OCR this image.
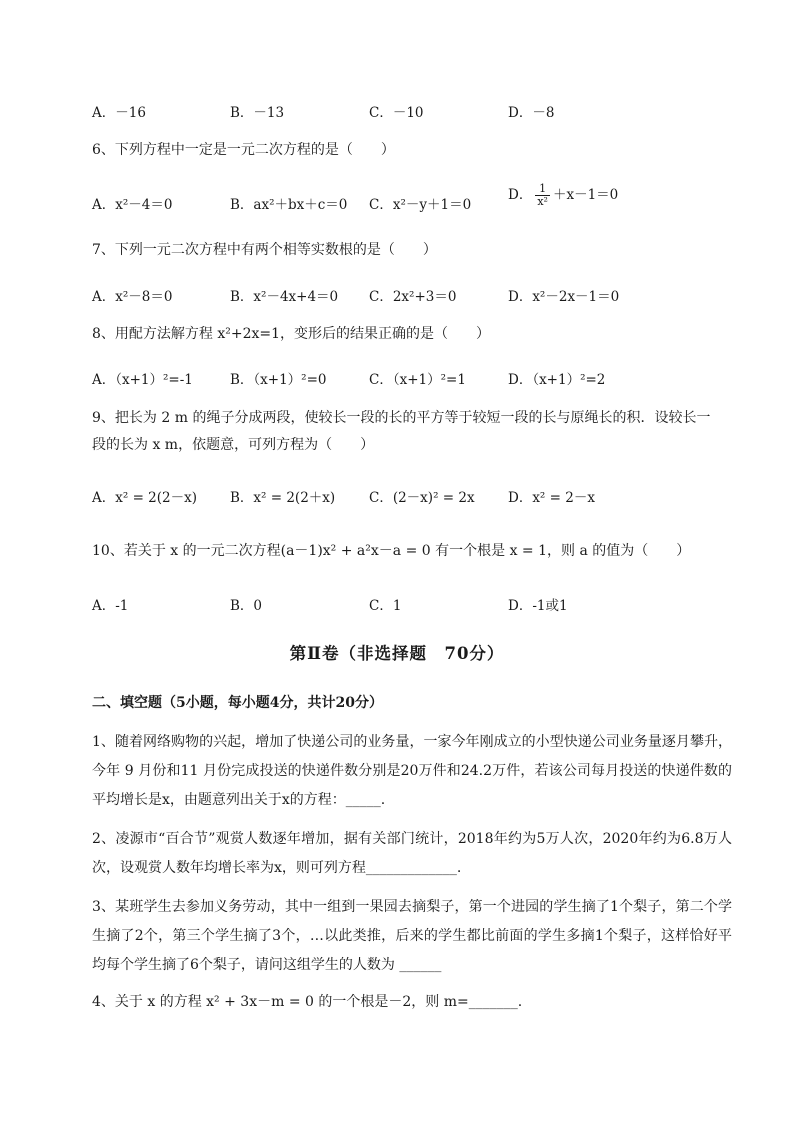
A．－16	B．－13	C．－10	D．－8
6、下列方程中一定是一元二次方程的是（　　）
A．x²－4＝0	B．ax²＋bx＋c＝0 C．x²－y＋1＝0
D． $\frac{1}{\text{x²}} +x-1=0$
7、下列一元二次方程中有两个相等实数根的是（　　）
A．x²－8＝0	B．x²－4x+4＝0 C．2x²+3＝0	D．x²－2x－1＝0
8、用配方法解方程 x²+2x=1，变形后的结果正确的是（　　）
A．（x+1）²=-1	B．（x+1）²=0	C．（x+1）²=1	D．（x+1）²=2
9、把长为 2 m 的绳子分成两段，使较长一段的长的平方等于较短一段的长与原绳长的积．设较长一
段的长为 x m，依题意，可列方程为（　　）
A．x² = 2(2－x) B．x² = 2(2＋x)	C．(2－x)² = 2x D．x² = 2－x
10、若关于 x 的一元二次方程(a－1)x² + a²x－a = 0 有一个根是 x = 1，则 a 的值为（　　）
A．-1	B．0	C．1	D．-1或1
第Ⅱ卷（非选择题　70分）
二、填空题（5小题，每小题4分，共计20分）
1、随着网络购物的兴起，增加了快递公司的业务量，一家今年刚成立的小型快递公司业务量逐月攀升，今年 9 月份和11 月份完成投送的快递件数分别是20万件和24.2万件，若该公司每月投送的快递件数的平均增长是x，由题意列出关于x的方程：_____.
2、凌源市“百合节”观赏人数逐年增加，据有关部门统计，2018年约为5万人次，2020年约为6.8万人次，设观赏人数年均增长率为x，则可列方程_____________.
3、某班学生去参加义务劳动，其中一组到一果园去摘梨子，第一个进园的学生摘了1个梨子，第二个学生摘了2个，第三个学生摘了3个，…以此类推，后来的学生都比前面的学生多摘1个梨子，这样恰好平均每个学生摘了6个梨子，请问这组学生的人数为 ______
4、关于 x 的方程 x² + 3x－m = 0 的一个根是－2，则 m=_______.
